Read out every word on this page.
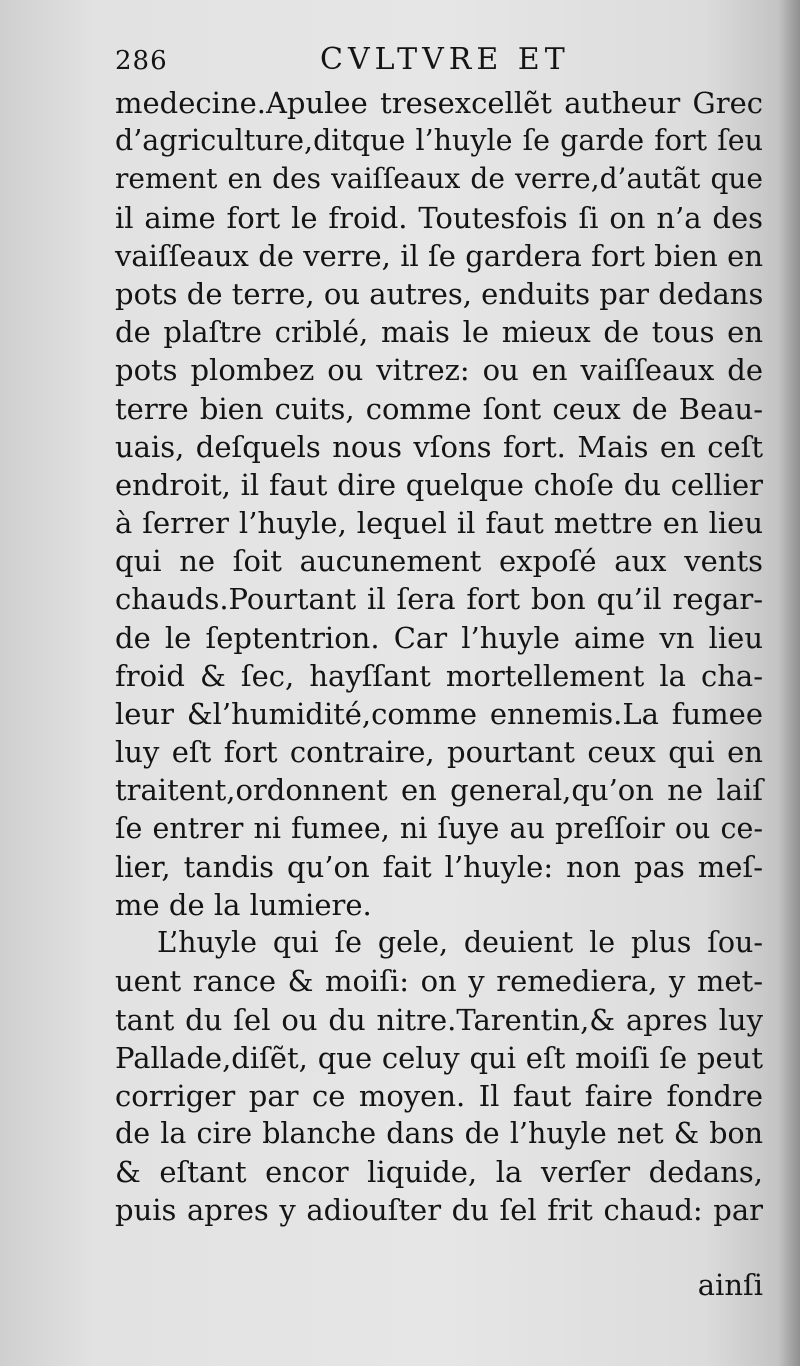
286	CVLTVRE ET
medecine.Apulee tresexcellẽt autheur Grec
d’agriculture,ditque l’huyle ſe garde fort ſeu
rement en des vaiſſeaux de verre,d’autãt que
il aime fort le froid. Toutesfois ſi on n’a des
vaiſſeaux de verre, il ſe gardera fort bien en
pots de terre, ou autres, enduits par dedans
de plaſtre criblé, mais le mieux de tous en
pots plombez ou vitrez: ou en vaiſſeaux de
terre bien cuits, comme ſont ceux de Beau-
uais, deſquels nous vſons fort. Mais en ceſt
endroit, il faut dire quelque choſe du cellier
à ſerrer l’huyle, lequel il faut mettre en lieu
qui ne ſoit aucunement expoſé aux vents
chauds.Pourtant il ſera fort bon qu’il regar-
de le ſeptentrion. Car l’huyle aime vn lieu
froid & ſec, hayſſant mortellement la cha-
leur &l’humidité,comme ennemis.La fumee
luy eſt fort contraire, pourtant ceux qui en
traitent,ordonnent en general,qu’on ne laiſ
ſe entrer ni fumee, ni ſuye au preſſoir ou ce-
lier, tandis qu’on fait l’huyle: non pas meſ-
me de la lumiere.
L’huyle qui ſe gele, deuient le plus ſou-
uent rance & moiſi: on y remediera, y met-
tant du ſel ou du nitre.Tarentin,& apres luy
Pallade,diſẽt, que celuy qui eſt moiſi ſe peut
corriger par ce moyen. Il faut faire fondre
de la cire blanche dans de l’huyle net & bon
& eſtant encor liquide, la verſer dedans,
puis apres y adiouſter du ſel frit chaud: par
ainſi
